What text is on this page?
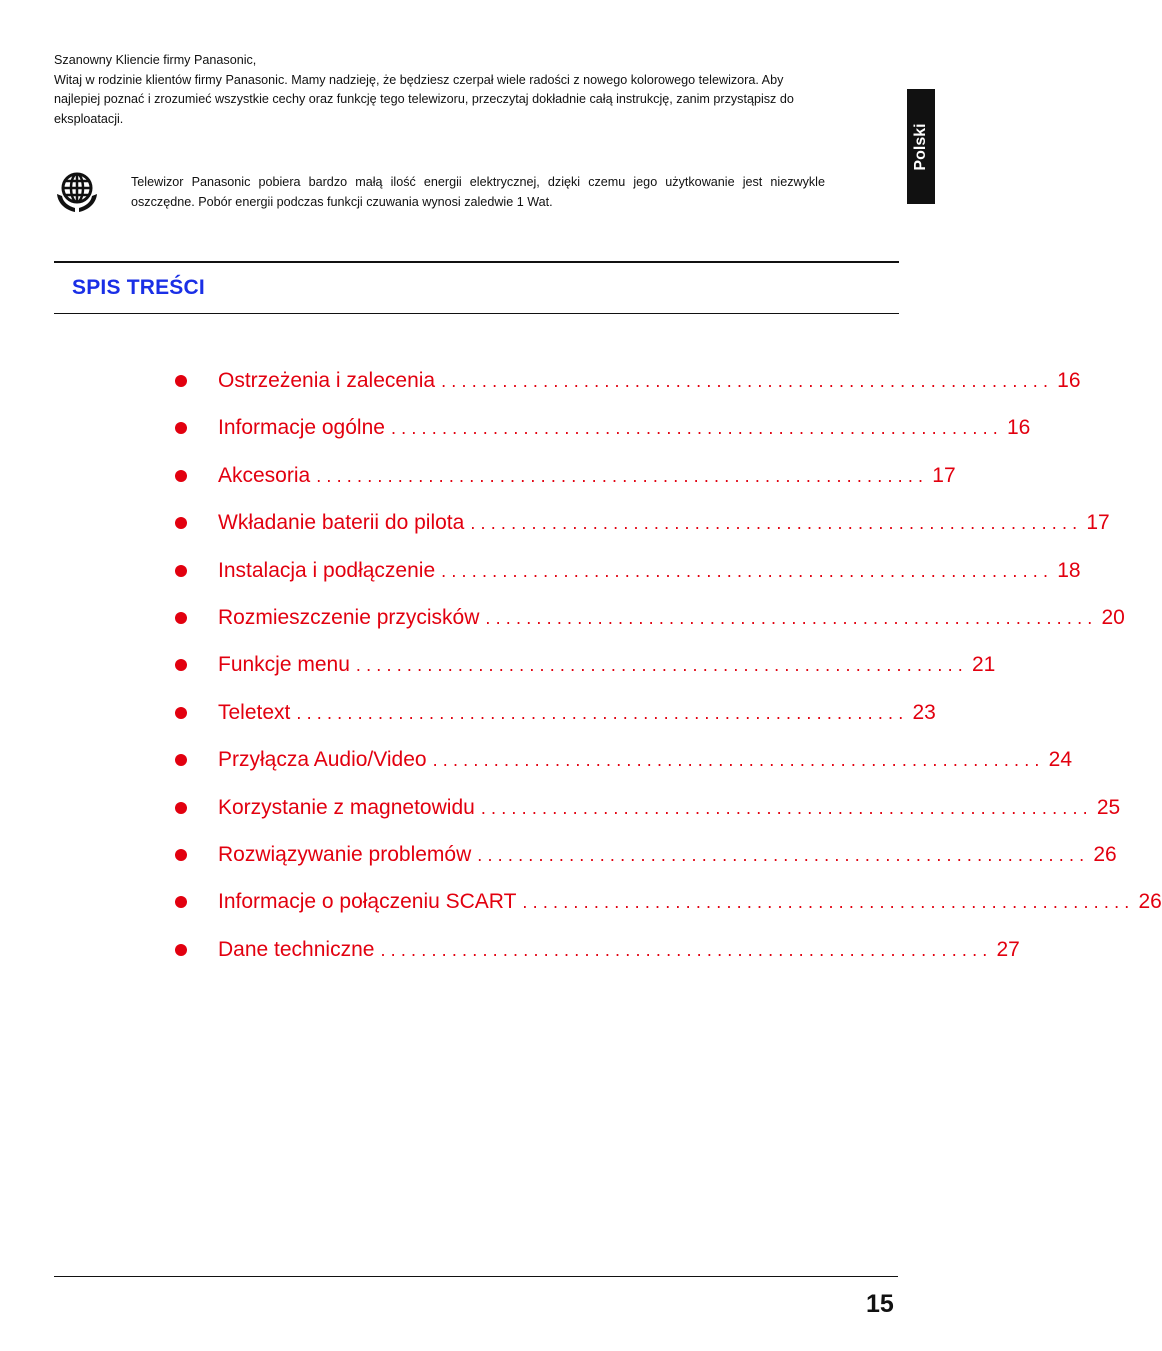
Szanowny Kliencie firmy Panasonic,

Witaj w rodzinie klientów firmy Panasonic. Mamy nadzieję, że będziesz czerpał wiele radości z nowego kolorowego telewizora. Aby

najlepiej poznać i zrozumieć wszystkie cechy oraz funkcję tego telewizoru, przeczytaj dokładnie całą instrukcję, zanim przystąpisz do

eksploatacji.

Polski
Telewizor Panasonic pobiera bardzo małą ilość energii elektrycznej, dzięki czemu jego użytkowanie jest niezwykle oszczędne. Pobór energii podczas funkcji czuwania wynosi zaledwie 1 Wat.
SPIS TREŚCI
Ostrzeżenia i zalecenia ............................................................ 16
Informacje ogólne ............................................................ 16
Akcesoria ............................................................ 17
Wkładanie baterii do pilota ............................................................ 17
Instalacja i podłączenie ............................................................ 18
Rozmieszczenie przycisków ............................................................ 20
Funkcje menu ............................................................ 21
Teletext ............................................................ 23
Przyłącza Audio/Video ............................................................ 24
Korzystanie z magnetowidu ............................................................ 25
Rozwiązywanie problemów ............................................................ 26
Informacje o połączeniu SCART ............................................................ 26
Dane techniczne ............................................................ 27
15
